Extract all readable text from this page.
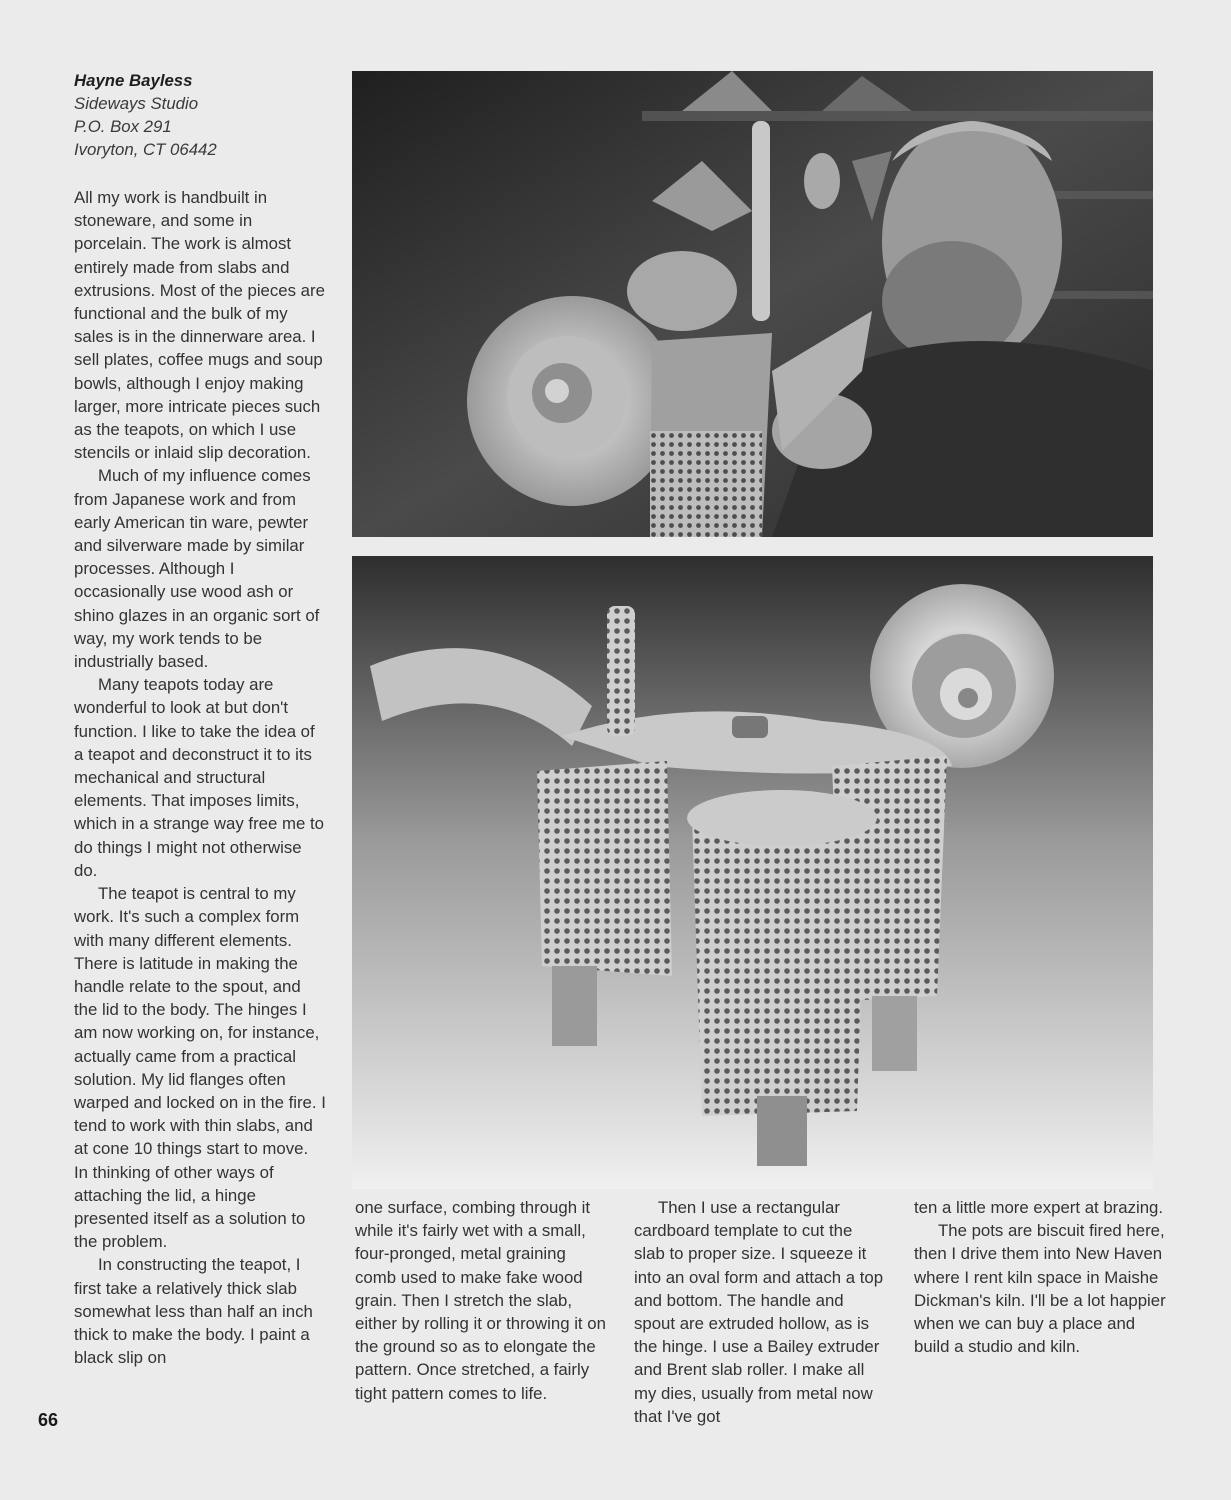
Hayne Bayless
Sideways Studio
P.O. Box 291
Ivoryton, CT 06442

All my work is handbuilt in stoneware, and some in porcelain. The work is almost entirely made from slabs and extrusions. Most of the pieces are functional and the bulk of my sales is in the dinnerware area. I sell plates, coffee mugs and soup bowls, although I enjoy making larger, more intricate pieces such as the teapots, on which I use stencils or inlaid slip decoration.

Much of my influence comes from Japanese work and from early American tin ware, pewter and silverware made by similar processes. Although I occasionally use wood ash or shino glazes in an organic sort of way, my work tends to be industrially based.

Many teapots today are wonderful to look at but don't function. I like to take the idea of a teapot and deconstruct it to its mechanical and structural elements. That imposes limits, which in a strange way free me to do things I might not otherwise do.

The teapot is central to my work. It's such a complex form with many different elements. There is latitude in making the handle relate to the spout, and the lid to the body. The hinges I am now working on, for instance, actually came from a practical solution. My lid flanges often warped and locked on in the fire. I tend to work with thin slabs, and at cone 10 things start to move. In thinking of other ways of attaching the lid, a hinge presented itself as a solution to the problem.

In constructing the teapot, I first take a relatively thick slab somewhat less than half an inch thick to make the body. I paint a black slip on

one surface, combing through it while it's fairly wet with a small, four-pronged, metal graining comb used to make fake wood grain. Then I stretch the slab, either by rolling it or throwing it on the ground so as to elongate the pattern. Once stretched, a fairly tight pattern comes to life.

Then I use a rectangular cardboard template to cut the slab to proper size. I squeeze it into an oval form and attach a top and bottom. The handle and spout are extruded hollow, as is the hinge. I use a Bailey extruder and Brent slab roller. I make all my dies, usually from metal now that I've got

ten a little more expert at brazing.

The pots are biscuit fired here, then I drive them into New Haven where I rent kiln space in Maishe Dickman's kiln. I'll be a lot happier when we can buy a place and build a studio and kiln.

66
